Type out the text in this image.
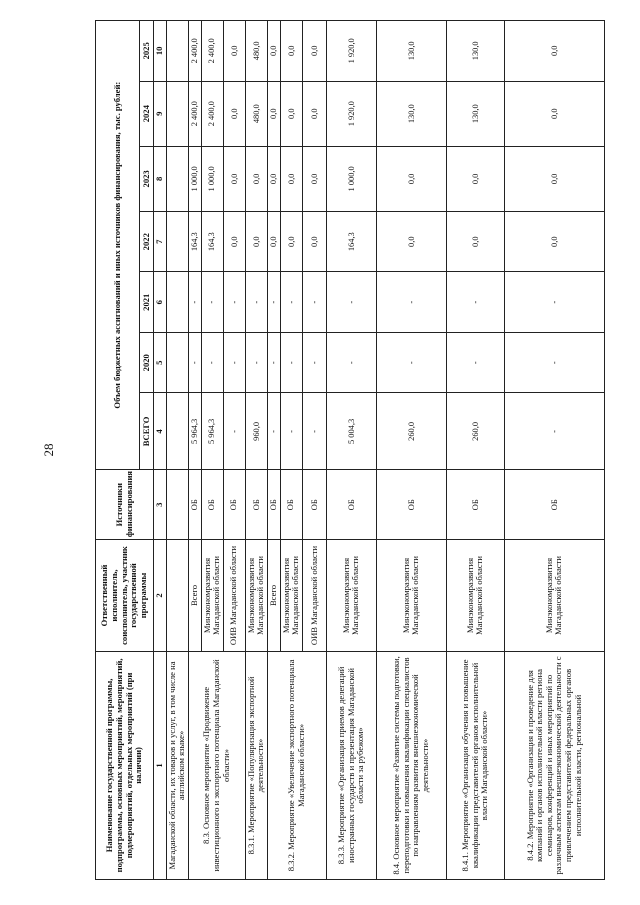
28
Наименование государственной программы, подпрограммы, основных мероприятий, мероприятий, подмероприятий, отдельных мероприятий (при наличии)	Ответственный исполнитель, соисполнитель, участник государственной программы	Источники финансирования	Объем бюджетных ассигнований и иных источников финансирования, тыс. рублей:						
			ВСЕГО	2020	2021	2022	2023	2024	2025
1	2	3	4	5	6	7	8	9	10
Магаданской области, их товаров и услуг, в том числе на английском языке»									
8.3. Основное мероприятие «Продвижение инвестиционного и экспортного потенциала Магаданской области»	Всего	ОБ	5 964,3	-	-	164,3	1 000,0	2 400,0	2 400,0
	Минэкономразвития Магаданской области	ОБ	5 964,3	-	-	164,3	1 000,0	2 400,0	2 400,0
	ОИВ Магаданской области	ОБ	-	-	-	0,0	0,0	0,0	0,0
8.3.1. Мероприятие «Популяризация экспортной деятельности»	Минэкономразвития Магаданской области	ОБ	960,0	-	-	0,0	0,0	480,0	480,0
8.3.2. Мероприятие «Увеличение экспортного потенциала Магаданской области»	Всего	ОБ	-	-	-	0,0	0,0	0,0	0,0
	Минэкономразвития Магаданской области	ОБ	-	-	-	0,0	0,0	0,0	0,0
	ОИВ Магаданской области	ОБ	-	-	-	0,0	0,0	0,0	0,0
8.3.3. Мероприятие «Организация приемов делегаций иностранных государств и презентация Магаданской области за рубежом»	Минэкономразвития Магаданской области	ОБ	5 004,3	-	-	164,3	1 000,0	1 920,0	1 920,0
8.4. Основное мероприятие «Развитие системы подготовки, переподготовки и повышения квалификации специалистов по направлениям развития внешнеэкономической деятельности»	Минэкономразвития Магаданской области	ОБ	260,0	-	-	0,0	0,0	130,0	130,0
8.4.1. Мероприятие «Организация обучения и повышение квалификации представителей органов исполнительной власти Магаданской области»	Минэкономразвития Магаданской области	ОБ	260,0	-	-	0,0	0,0	130,0	130,0
8.4.2. Мероприятие «Организация и проведение для компаний и органов исполнительной власти региона семинаров, конференций и иных мероприятий по различным аспектам внешнеэкономической деятельности с привлечением представителей федеральных органов исполнительной власти, региональной	Минэкономразвития Магаданской области	ОБ	-	-	-	0,0	0,0	0,0	0,0
